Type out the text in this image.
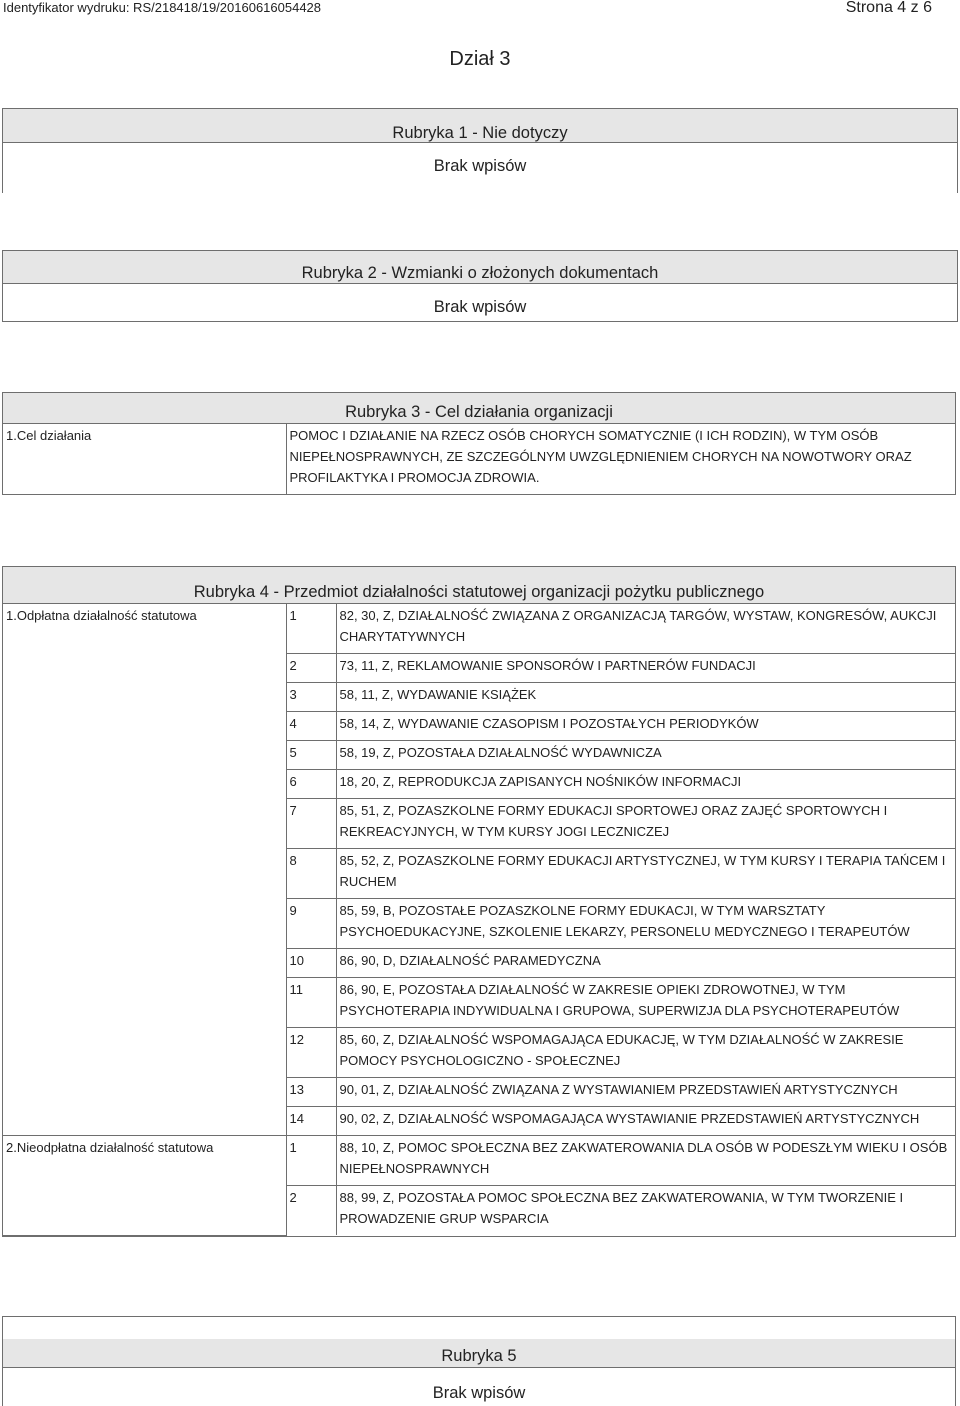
Identyfikator wydruku: RS/218418/19/20160616054428	Strona 4 z 6
Dział 3
Rubryka 1 - Nie dotyczy
Brak wpisów
Rubryka 2 - Wzmianki o złożonych dokumentach
Brak wpisów
Rubryka 3 - Cel działania organizacji
1.Cel działania	POMOC I DZIAŁANIE NA RZECZ OSÓB CHORYCH SOMATYCZNIE (I ICH RODZIN), W TYM OSÓB NIEPEŁNOSPRAWNYCH, ZE SZCZEGÓLNYM UWZGLĘDNIENIEM CHORYCH NA NOWOTWORY ORAZ PROFILAKTYKA I PROMOCJA ZDROWIA.
Rubryka 4 - Przedmiot działalności statutowej organizacji pożytku publicznego
1.Odpłatna działalność statutowa	1	82, 30, Z, DZIAŁALNOŚĆ ZWIĄZANA Z ORGANIZACJĄ TARGÓW, WYSTAW, KONGRESÓW, AUKCJI CHARYTATYWNYCH
	2	73, 11, Z, REKLAMOWANIE SPONSORÓW I PARTNERÓW FUNDACJI
	3	58, 11, Z, WYDAWANIE KSIĄŻEK
	4	58, 14, Z, WYDAWANIE CZASOPISM I POZOSTAŁYCH PERIODYKÓW
	5	58, 19, Z, POZOSTAŁA DZIAŁALNOŚĆ WYDAWNICZA
	6	18, 20, Z, REPRODUKCJA ZAPISANYCH NOŚNIKÓW INFORMACJI
	7	85, 51, Z, POZASZKOLNE FORMY EDUKACJI SPORTOWEJ ORAZ ZAJĘĆ SPORTOWYCH I REKREACYJNYCH, W TYM KURSY JOGI LECZNICZEJ
	8	85, 52, Z, POZASZKOLNE FORMY EDUKACJI ARTYSTYCZNEJ, W TYM KURSY I TERAPIA TAŃCEM I RUCHEM
	9	85, 59, B, POZOSTAŁE POZASZKOLNE FORMY EDUKACJI, W TYM WARSZTATY PSYCHOEDUKACYJNE, SZKOLENIE LEKARZY, PERSONELU MEDYCZNEGO I TERAPEUTÓW
	10	86, 90, D, DZIAŁALNOŚĆ PARAMEDYCZNA
	11	86, 90, E, POZOSTAŁA DZIAŁALNOŚĆ W ZAKRESIE OPIEKI ZDROWOTNEJ, W TYM PSYCHOTERAPIA INDYWIDUALNA I GRUPOWA, SUPERWIZJA DLA PSYCHOTERAPEUTÓW
	12	85, 60, Z, DZIAŁALNOŚĆ WSPOMAGAJĄCA EDUKACJĘ, W TYM DZIAŁALNOŚĆ W ZAKRESIE POMOCY PSYCHOLOGICZNO - SPOŁECZNEJ
	13	90, 01, Z, DZIAŁALNOŚĆ ZWIĄZANA Z WYSTAWIANIEM PRZEDSTAWIEŃ ARTYSTYCZNYCH
	14	90, 02, Z, DZIAŁALNOŚĆ WSPOMAGAJĄCA WYSTAWIANIE PRZEDSTAWIEŃ ARTYSTYCZNYCH
2.Nieodpłatna działalność statutowa	1	88, 10, Z, POMOC SPOŁECZNA BEZ ZAKWATEROWANIA DLA OSÓB W PODESZŁYM WIEKU I OSÓB NIEPEŁNOSPRAWNYCH
	2	88, 99, Z, POZOSTAŁA POMOC SPOŁECZNA BEZ ZAKWATEROWANIA, W TYM TWORZENIE I PROWADZENIE GRUP WSPARCIA
Rubryka 5
Brak wpisów
